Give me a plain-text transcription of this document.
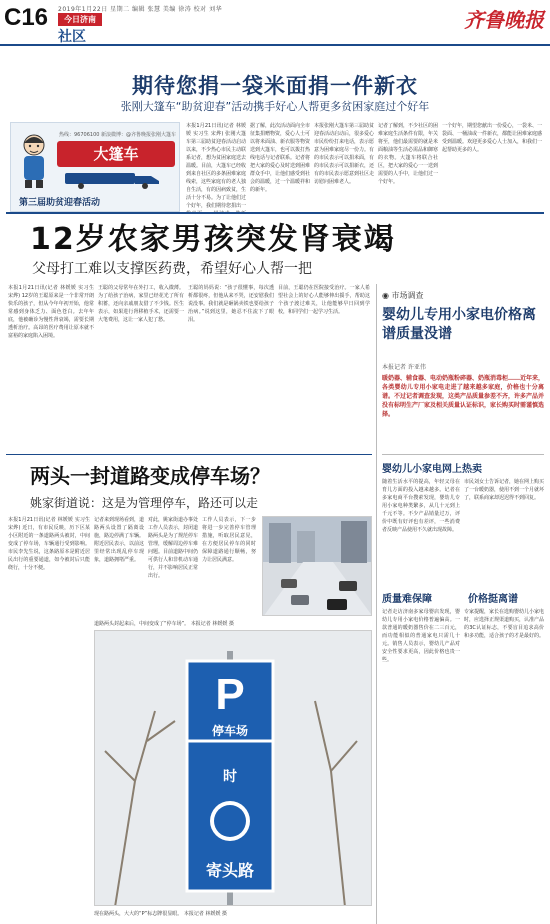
C16 2019年1月22日 星期二 编辑 张慧 美编 徐涛 校对 刘华
今日济南
社区
齐鲁晚报
期待您捐一袋米面捐一件新衣
张刚大篷车“助贫迎春”活动携手好心人帮更多贫困家庭过个好年
热线：96706100 新浪微博：@齐鲁晚报张刚大篷车
大篷车
第三届助贫迎春活动
本报1月21日讯(记者 林媛媛 实习生 宋烨) 张刚大篷车第三届助贫迎春活动启动以来，不少热心市民主动联系记者，想为贫困家庭送去温暖。目前，大篷车已经收到来自社区的多条困难家庭线索，这些家庭有的老人独自生活，有的因病致贫，生活十分不易。为了让他们过个好年，我们期待您捐出一
据了解，此次活动面向全市征集捐赠物资，爱心人士可以将米面油、新衣服等物资送到大篷车，也可以拨打热线电话与记者联系。记者将把大家的爱心及时送到困难群众手中，让他们感受到社会的温暖，过一个温暖祥和的新年。
本报张刚大篷车第三届助贫迎春活动启动后，很多爱心市民纷纷打来电话，表示愿意为困难家庭尽一份力。有的市民表示可以捐米面，有的市民表示可以捐新衣，还有的市民表示愿意到社区走访慰问困难老人。
记者了解到，不少社区的困难家庭生活条件有限，年关将至，他们最需要的就是米面粮油等生活必需品和御寒的衣物。大篷车将联合社区，把大家的爱心一一送到需要的人手中，让他们过一个好年。
一个好年，期望您献出一份爱心，一袋米、一袋面、一桶油或一件新衣，都能让困难家庭感受到温暖。欢迎更多爱心人士加入，和我们一起帮助更多的人。
12岁农家男孩突发肾衰竭
父母打工难以支撑医药费，希望好心人帮一把
本报1月21日讯(记者 林媛媛 实习生 宋烨) 12岁的王聪原来是一个非常开朗快乐的孩子，但从今年年初开始，他常常感到身体乏力、面色苍白。去年年底，他被确诊为慢性肾衰竭，需要长期透析治疗。高昂的医疗费用让原本就不富裕的家庭陷入困境。
王聪的父母常年在外打工，收入微薄。为了给孩子治病，家里已经花光了所有积蓄，还向亲戚朋友借了不少钱。医生表示，如果进行肾移植手术，还需要一大笔费用，这让一家人犯了愁。
王聪的妈妈说：“孩子很懂事，每次透析都很疼，但他从来不哭，还安慰我们说没事。我们就是砸锅卖铁也要给孩子治病。”说到这里，她忍不住流下了眼泪。
目前，王聪仍在医院接受治疗。一家人希望社会上的好心人能够伸出援手，帮助这个孩子渡过难关，让他能够早日回到学校，和同学们一起学习生活。
◉ 市场调查
婴幼儿专用小家电价格离谱质量没谱
本报记者 许亚伟
暖奶器、辅食器、电动奶瓶粉碎器、奶瓶消毒柜……近年来，各类婴幼儿专用小家电走进了越来越多家庭，价格也十分离谱。不过记者调查发现，这类产品质量参差不齐，许多产品并没有标明生产厂家及相关质量认证标识，家长购买时需谨慎选择。
婴幼儿小家电网上热卖
随着生活水平的提高，年轻父母在育儿方面的投入越来越多。记者在多家电商平台搜索发现，婴幼儿专用小家电种类繁多，从几十元到上千元不等。不少产品销量过万，评价中既有好评也有差评，一些消费者反映产品使用不久就出现故障。
市民刘女士告诉记者，她在网上购买了一台暖奶器，使用不到一个月就坏了，联系商家却迟迟得不到回复。
质量难保障	价格挺离谱
记者走访济南多家母婴店发现，婴幼儿专用小家电价格普遍偏高。一款普通的暖奶器售价在二三百元，而功能相似的普通家电只需几十元。销售人员表示，婴幼儿产品对安全性要求更高，因此价格也贵一些。
专家提醒，家长在选购婴幼儿小家电时，应选择正规渠道购买，认准产品的3C认证标志，不要盲目追求高价和多功能，适合孩子的才是最好的。
两头一封道路变成停车场？
姚家街道说：这是为管理停车，路还可以走
本报1月21日讯(记者 林媛媛 实习生 宋烨) 近日，有市民反映，历下区某小区附近的一条道路两头被封，中间变成了停车场，车辆通行受到影响。市民李先生说，这条路原本是附近居民出行的重要通道，如今被封后只能绕行，十分不便。
记者来到现场看到，道路两头设置了隔离设施，路边停满了车辆。附近居民表示，以前这里经常出现乱停车现象，道路拥堵严重。
对此，姚家街道办事处工作人员表示，封闭道路两头是为了规范停车管理，缓解周边停车难问题。目前道路中间仍可供行人和非机动车通行，并不影响居民正常出行。
工作人员表示，下一步将进一步完善停车管理措施，听取居民意见，在方便居民停车的同时保障道路通行顺畅，努力让居民满意。
道路两头封起来后，中间变成了“停车场”。 本报记者 林媛媛 摄
P
停车场
时
寄头路
现在路两头，大大的“P”标志牌很显眼。 本报记者 林媛媛 摄
